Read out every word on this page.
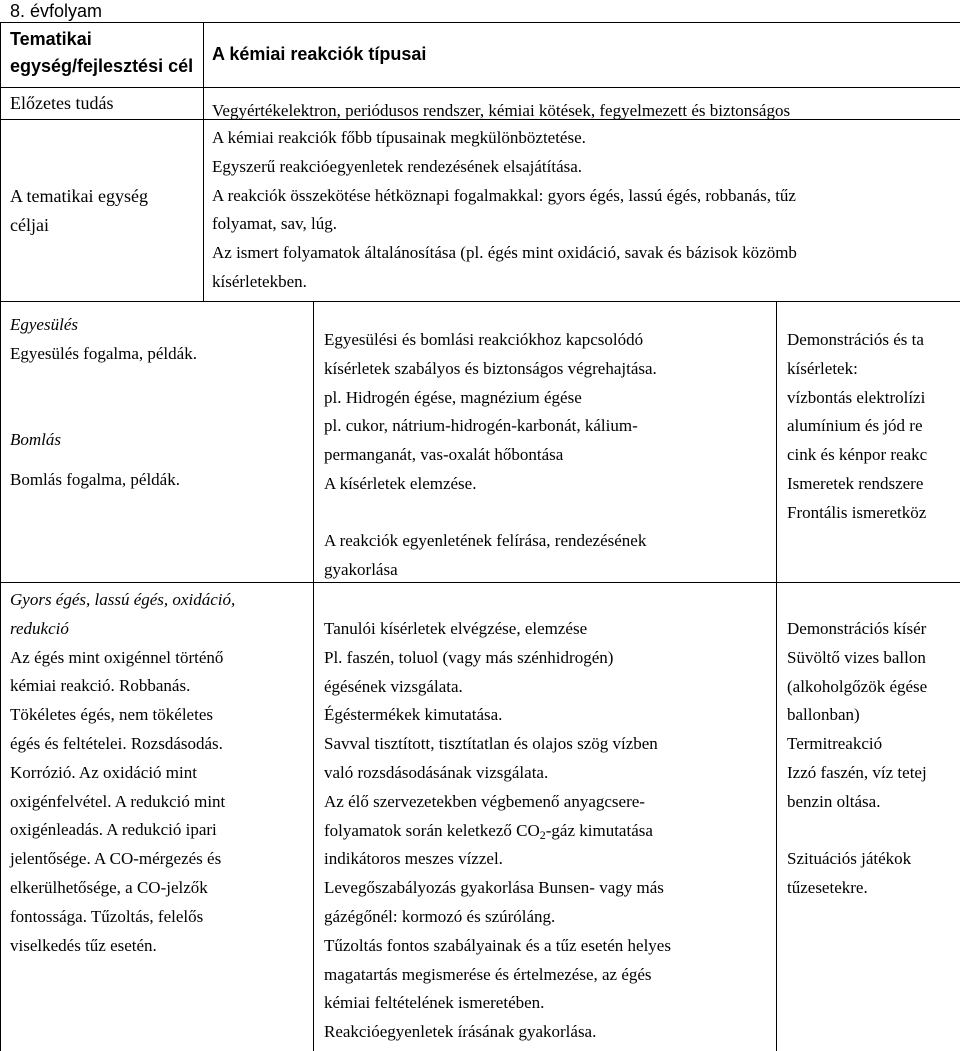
8. évfolyam
Tematikai
egység/fejlesztési cél
A kémiai reakciók típusai
Előzetes tudás	Vegyértékelektron, periódusos rendszer, kémiai kötések, fegyelmezett és biztonságos
A tematikai egység
céljai
A kémiai reakciók főbb típusainak megkülönböztetése.
Egyszerű reakcióegyenletek rendezésének elsajátítása.
A reakciók összekötése hétköznapi fogalmakkal: gyors égés, lassú égés, robbanás, tűz
folyamat, sav, lúg.
Az ismert folyamatok általánosítása (pl. égés mint oxidáció, savak és bázisok közömb
kísérletekben.
Egyesülés
Egyesülés fogalma, példák.
Bomlás
Bomlás fogalma, példák.
Egyesülési és bomlási reakciókhoz kapcsolódó
kísérletek szabályos és biztonságos végrehajtása.
pl. Hidrogén égése, magnézium égése
pl. cukor, nátrium-hidrogén-karbonát, kálium-
permanganát, vas-oxalát hőbontása
A kísérletek elemzése.
A reakciók egyenletének felírása, rendezésének
gyakorlása
Demonstrációs és ta
kísérletek:
vízbontás elektrolízi
alumínium és jód re
cink és kénpor reakc
Ismeretek rendszere
Frontális ismeretköz
Gyors égés, lassú égés, oxidáció,
redukció
Az égés mint oxigénnel történő
kémiai reakció. Robbanás.
Tökéletes égés, nem tökéletes
égés és feltételei. Rozsdásodás.
Korrózió. Az oxidáció mint
oxigénfelvétel. A redukció mint
oxigénleadás. A redukció ipari
jelentősége. A CO-mérgezés és
elkerülhetősége, a CO-jelzők
fontossága. Tűzoltás, felelős
viselkedés tűz esetén.
Tanulói kísérletek elvégzése, elemzése
Pl. faszén, toluol (vagy más szénhidrogén)
égésének vizsgálata.
Égéstermékek kimutatása.
Savval tisztított, tisztítatlan és olajos szög vízben
való rozsdásodásának vizsgálata.
Az élő szervezetekben végbemenő anyagcsere-
folyamatok során keletkező $CO_2$-gáz kimutatása
indikátoros meszes vízzel.
Levegőszabályozás gyakorlása Bunsen- vagy más
gázégőnél: kormozó és szúróláng.
Tűzoltás fontos szabályainak és a tűz esetén helyes
magatartás megismerése és értelmezése, az égés
kémiai feltételének ismeretében.
Reakcióegyenletek írásának gyakorlása.
Demonstrációs kísér
Süvöltő vizes ballon
(alkoholgőzök égése
ballonban)
Termitreakció
Izzó faszén, víz tetej
benzin oltása.
Szituációs játékok
tűzesetekre.
